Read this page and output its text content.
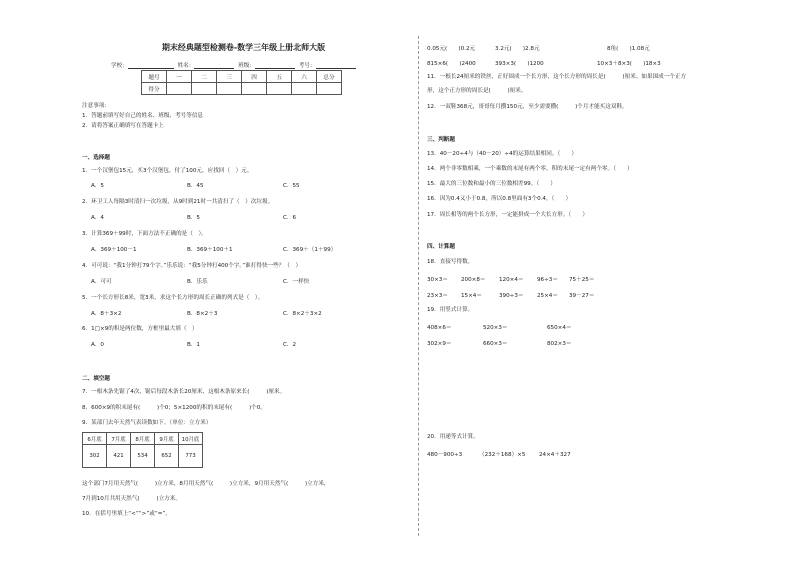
期末经典题型检测卷-数学三年级上册北师大版
学校：	姓名：	班级：	考号：
题号	一	二	三	四	五	六	总分
得分							
注意事项：
1．答题前填写好自己的姓名、班级、考号等信息
2．请将答案正确填写在答题卡上
一、选择题
1．一个汉堡包15元，买3个汉堡包，付了100元，应找回（　）元。
A．5	B．45	C．55
2．环卫工人每隔3时清扫一次垃圾，从9时到21时一共清扫了（　）次垃圾。
A．4	B．5	C．6
3．计算369＋99时，下面方法不正确的是（　）。
A．369＋100－1	B．369＋100＋1	C．369＋（1＋99）
4．可可说：“我1分钟打79个字。”乐乐说：“我5分钟打400个字。”谁打得快一些？（　）
A．可可	B．乐乐	C．一样快
5．一个长方形长8米，宽3米，求这个长方形的周长正确的列式是（　）。
A．8＋3×2	B．8×2＋3	C．8×2＋3×2
6．1□×9的积是两位数，方框里最大填（　）
A．0	B．1	C．2
二、填空题
7．一根木条先锯了4次，锯后每段木条长20厘米，这根木条原来长(　　　)厘米。
8．600×9的积末尾有(　　　)个0；5×1200的积的末尾有(　　　)个0。
9．某部门去年天然气表读数如下。（单位：立方米）
6月底	7月底	8月底	9月底	10月底
302	421	534	652	773
这个部门7月用天然气(　　　)立方米，8月用天然气(　　　)立方米，9月用天然气(　　　)立方米，
7月到10月共用天然气(　　　)立方米。
10．在括号里填上“<”“>”或“=”。
0.05元(　　)0.2元	3.2元(　　)2.8元	8角(　　)1.08元
815×6(　　)2400	393×3(　　)1200	10×3＋8×3(　　)18×3
11．一根长24厘米的铁丝，正好围成一个长方形，这个长方形的周长是(　　　)厘米。如果围成一个正方
形，这个正方形的周长是(　　　)厘米。
12．一双鞋368元，哥哥每月攒150元，至少需要攒(　　　)个月才能买这双鞋。
三、判断题
13．40－20÷4与（40－20）÷4的运算结果相同。（　　）
14．两个非零数相乘，一个乘数的末尾有两个零，积的末尾一定有两个零。（　　）
15．最大的三位数和最小的三位数相差99。（　　）
16．因为0.4又小于0.8，所以0.8里面有3个0.4。（　　）
17．周长相等的两个长方形，一定能拼成一个大长方形。（　　）
四、计算题
18．直接写得数。
30×3＝ 200×8＝ 120×4＝ 96÷3＝ 75＋25＝
23×3＝ 15×4＝	390÷3＝ 25×4＝ 39－27＝
19．用竖式计算。
408×6＝	520×3＝	650×4＝
302×9＝	660×3＝	802×3＝
20．用递等式计算。
480－900÷3	（232＋168）×5 24×4＋327
